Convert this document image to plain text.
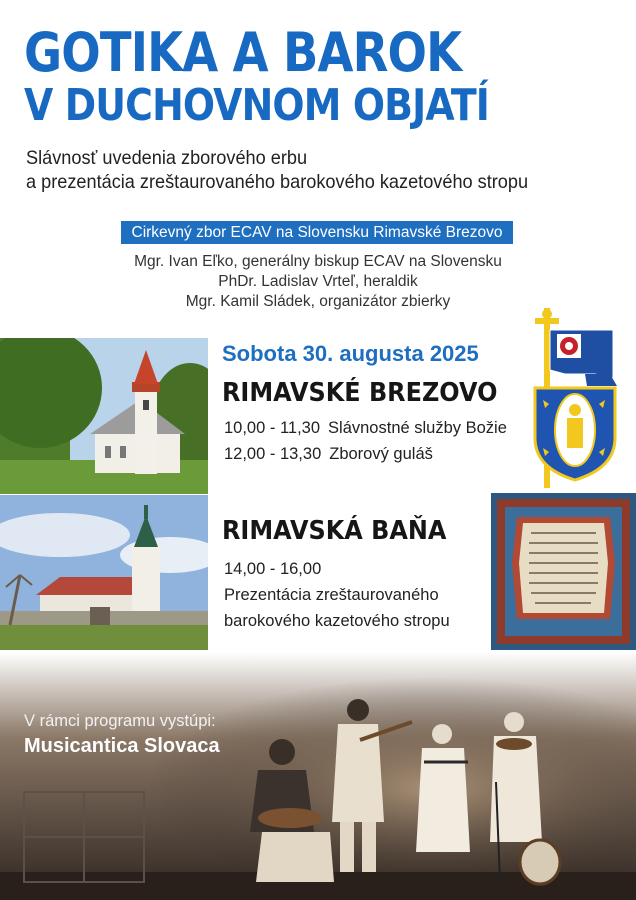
GOTIKA A BAROK
V DUCHOVNOM OBJATÍ
Slávnosť uvedenia zborového erbu
a prezentácia zreštaurovaného barokového kazetového stropu
Cirkevný zbor ECAV na Slovensku Rimavské Brezovo
Mgr. Ivan Eľko, generálny biskup ECAV na Slovensku
PhDr. Ladislav Vrteľ, heraldik
Mgr. Kamil Sládek, organizátor zbierky
Sobota 30. augusta 2025
RIMAVSKÉ BREZOVO
10,00 - 11,30 Slávnostné služby Božie
12,00 - 13,30 Zborový guláš
RIMAVSKÁ BAŇA
14,00 - 16,00
Prezentácia zreštaurovaného
barokového kazetového stropu
V rámci programu vystúpi:
Musicantica Slovaca
